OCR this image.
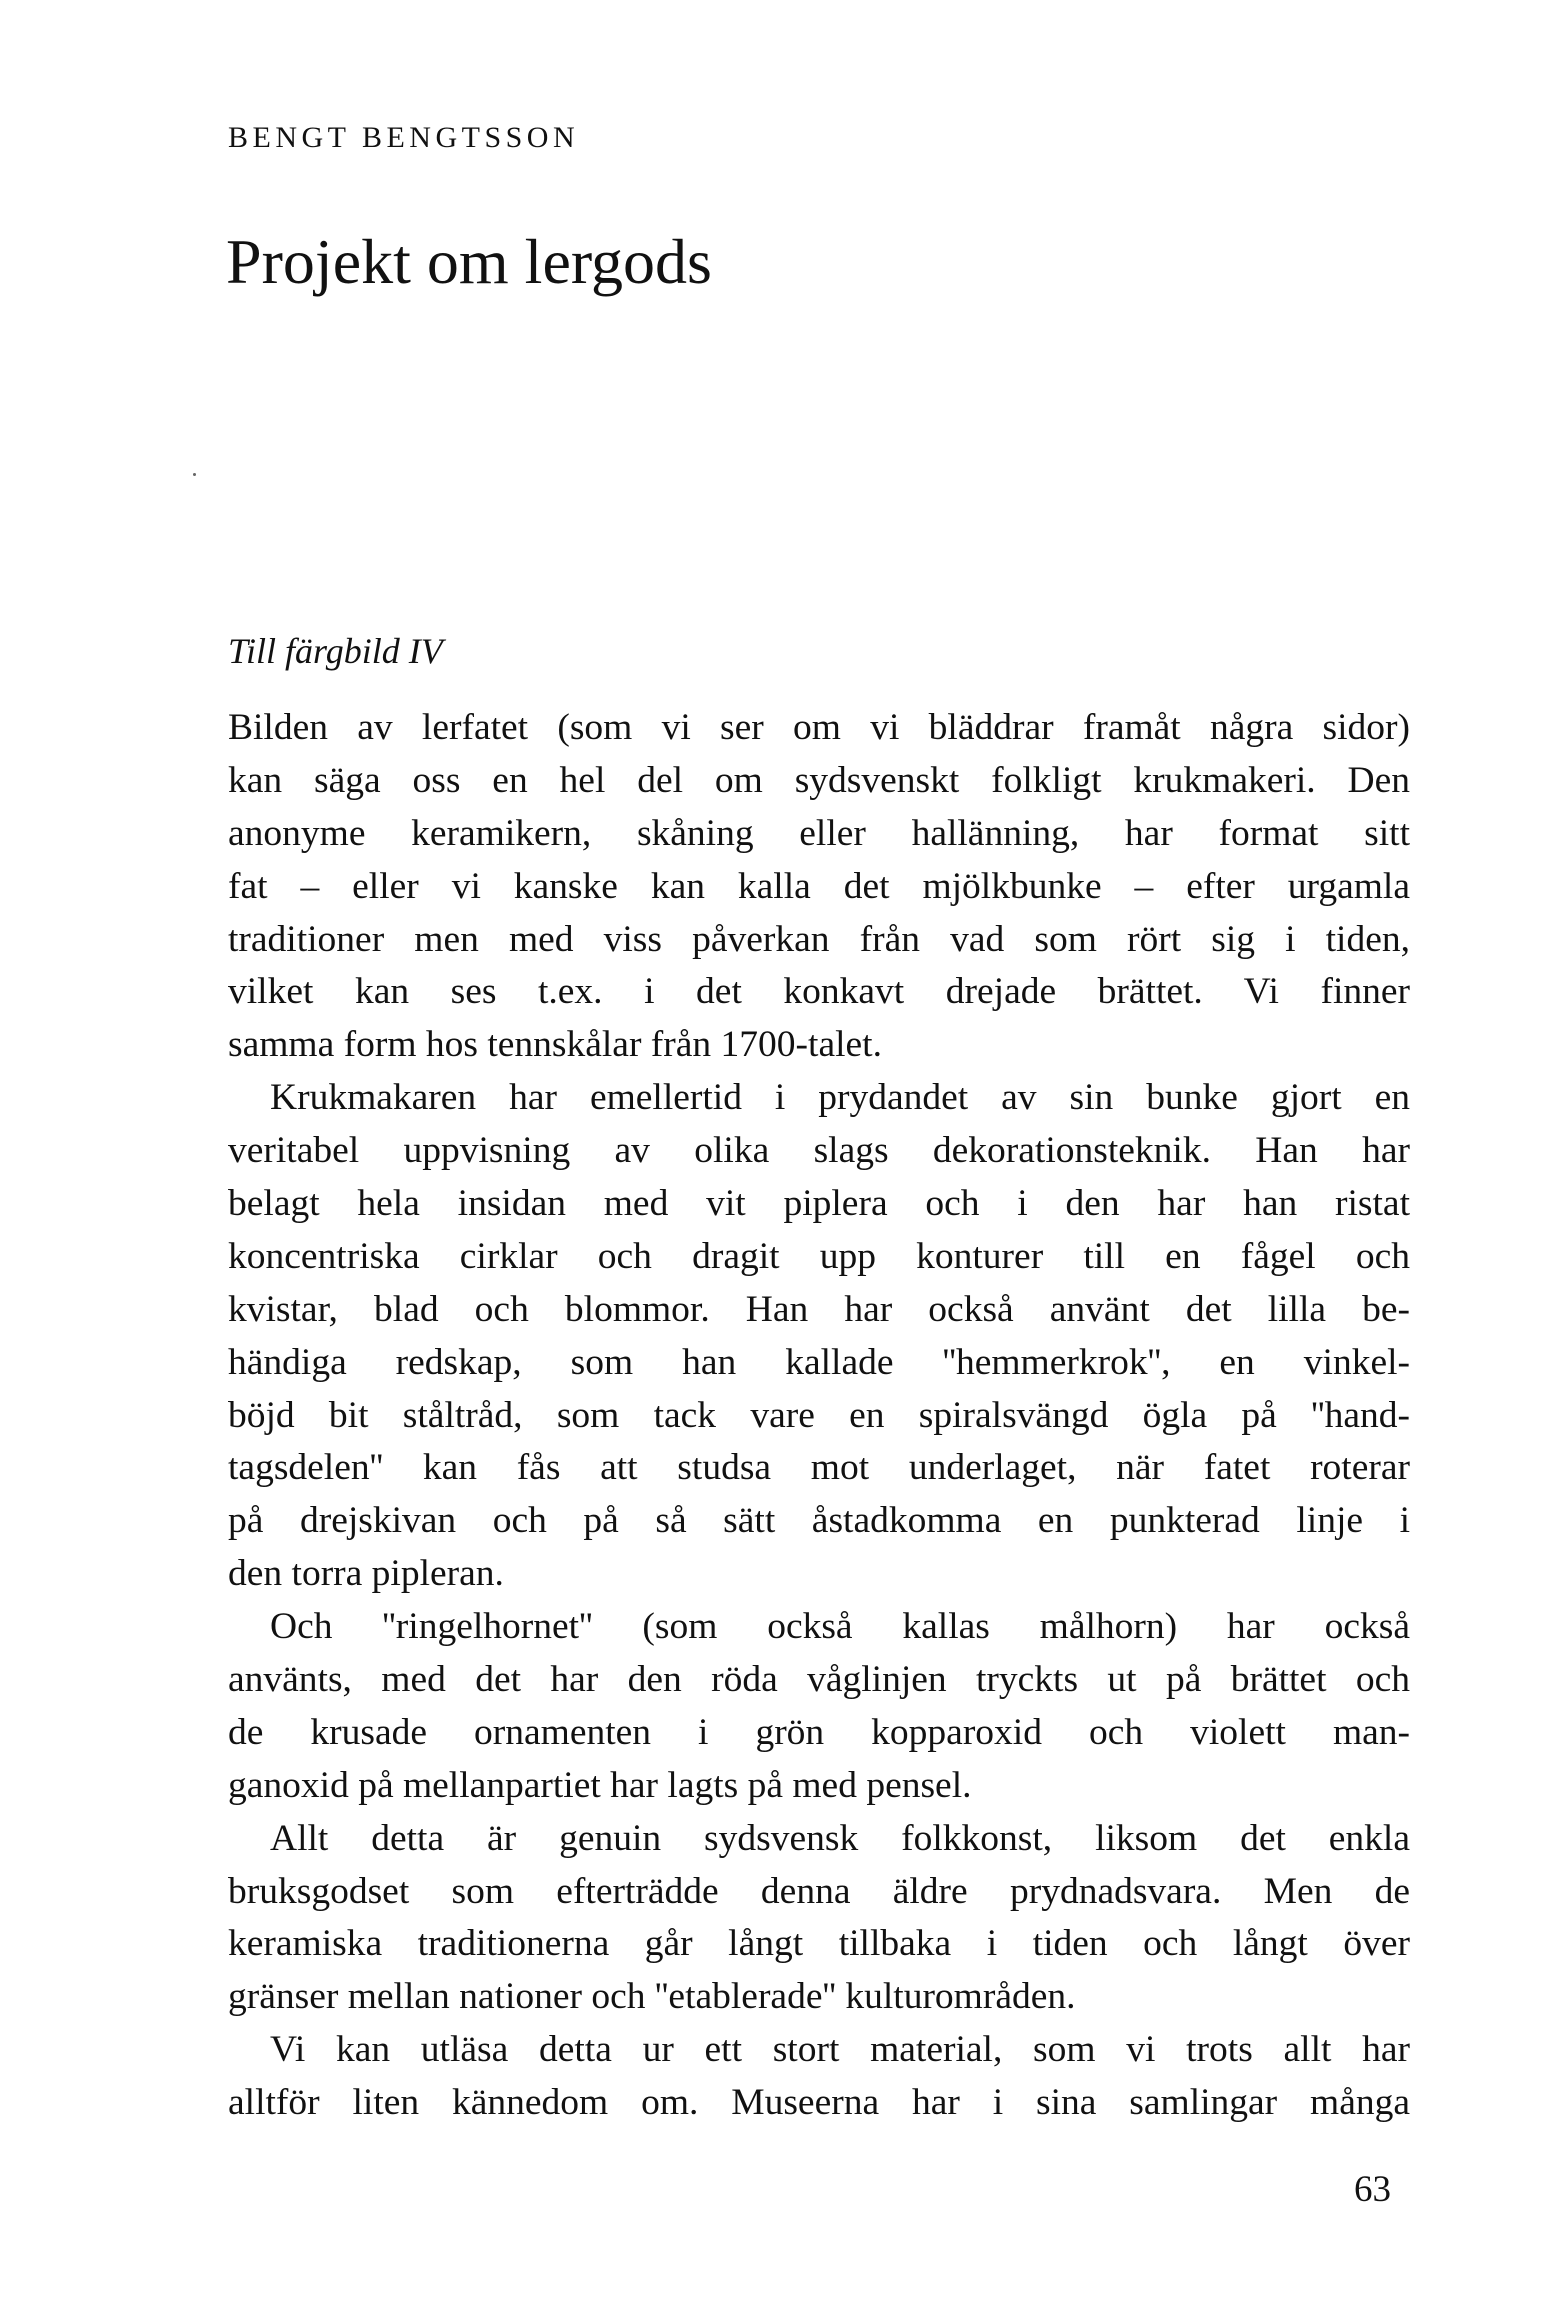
BENGT BENGTSSON
Projekt om lergods
Till färgbild IV
Bilden av lerfatet (som vi ser om vi bläddrar framåt några sidor)
kan säga oss en hel del om sydsvenskt folkligt krukmakeri. Den
anonyme keramikern, skåning eller hallänning, har format sitt
fat – eller vi kanske kan kalla det mjölkbunke – efter urgamla
traditioner men med viss påverkan från vad som rört sig i tiden,
vilket kan ses t.ex. i det konkavt drejade brättet. Vi finner
samma form hos tennskålar från 1700-talet.
Krukmakaren har emellertid i prydandet av sin bunke gjort en
veritabel uppvisning av olika slags dekorationsteknik. Han har
belagt hela insidan med vit piplera och i den har han ristat
koncentriska cirklar och dragit upp konturer till en fågel och
kvistar, blad och blommor. Han har också använt det lilla be-
händiga redskap, som han kallade ''hemmerkrok'', en vinkel-
böjd bit ståltråd, som tack vare en spiralsvängd ögla på ''hand-
tagsdelen'' kan fås att studsa mot underlaget, när fatet roterar
på drejskivan och på så sätt åstadkomma en punkterad linje i
den torra pipleran.
Och ''ringelhornet'' (som också kallas målhorn) har också
använts, med det har den röda våglinjen tryckts ut på brättet och
de krusade ornamenten i grön kopparoxid och violett man-
ganoxid på mellanpartiet har lagts på med pensel.
Allt detta är genuin sydsvensk folkkonst, liksom det enkla
bruksgodset som efterträdde denna äldre prydnadsvara. Men de
keramiska traditionerna går långt tillbaka i tiden och långt över
gränser mellan nationer och ''etablerade'' kulturområden.
Vi kan utläsa detta ur ett stort material, som vi trots allt har
alltför liten kännedom om. Museerna har i sina samlingar många
63
